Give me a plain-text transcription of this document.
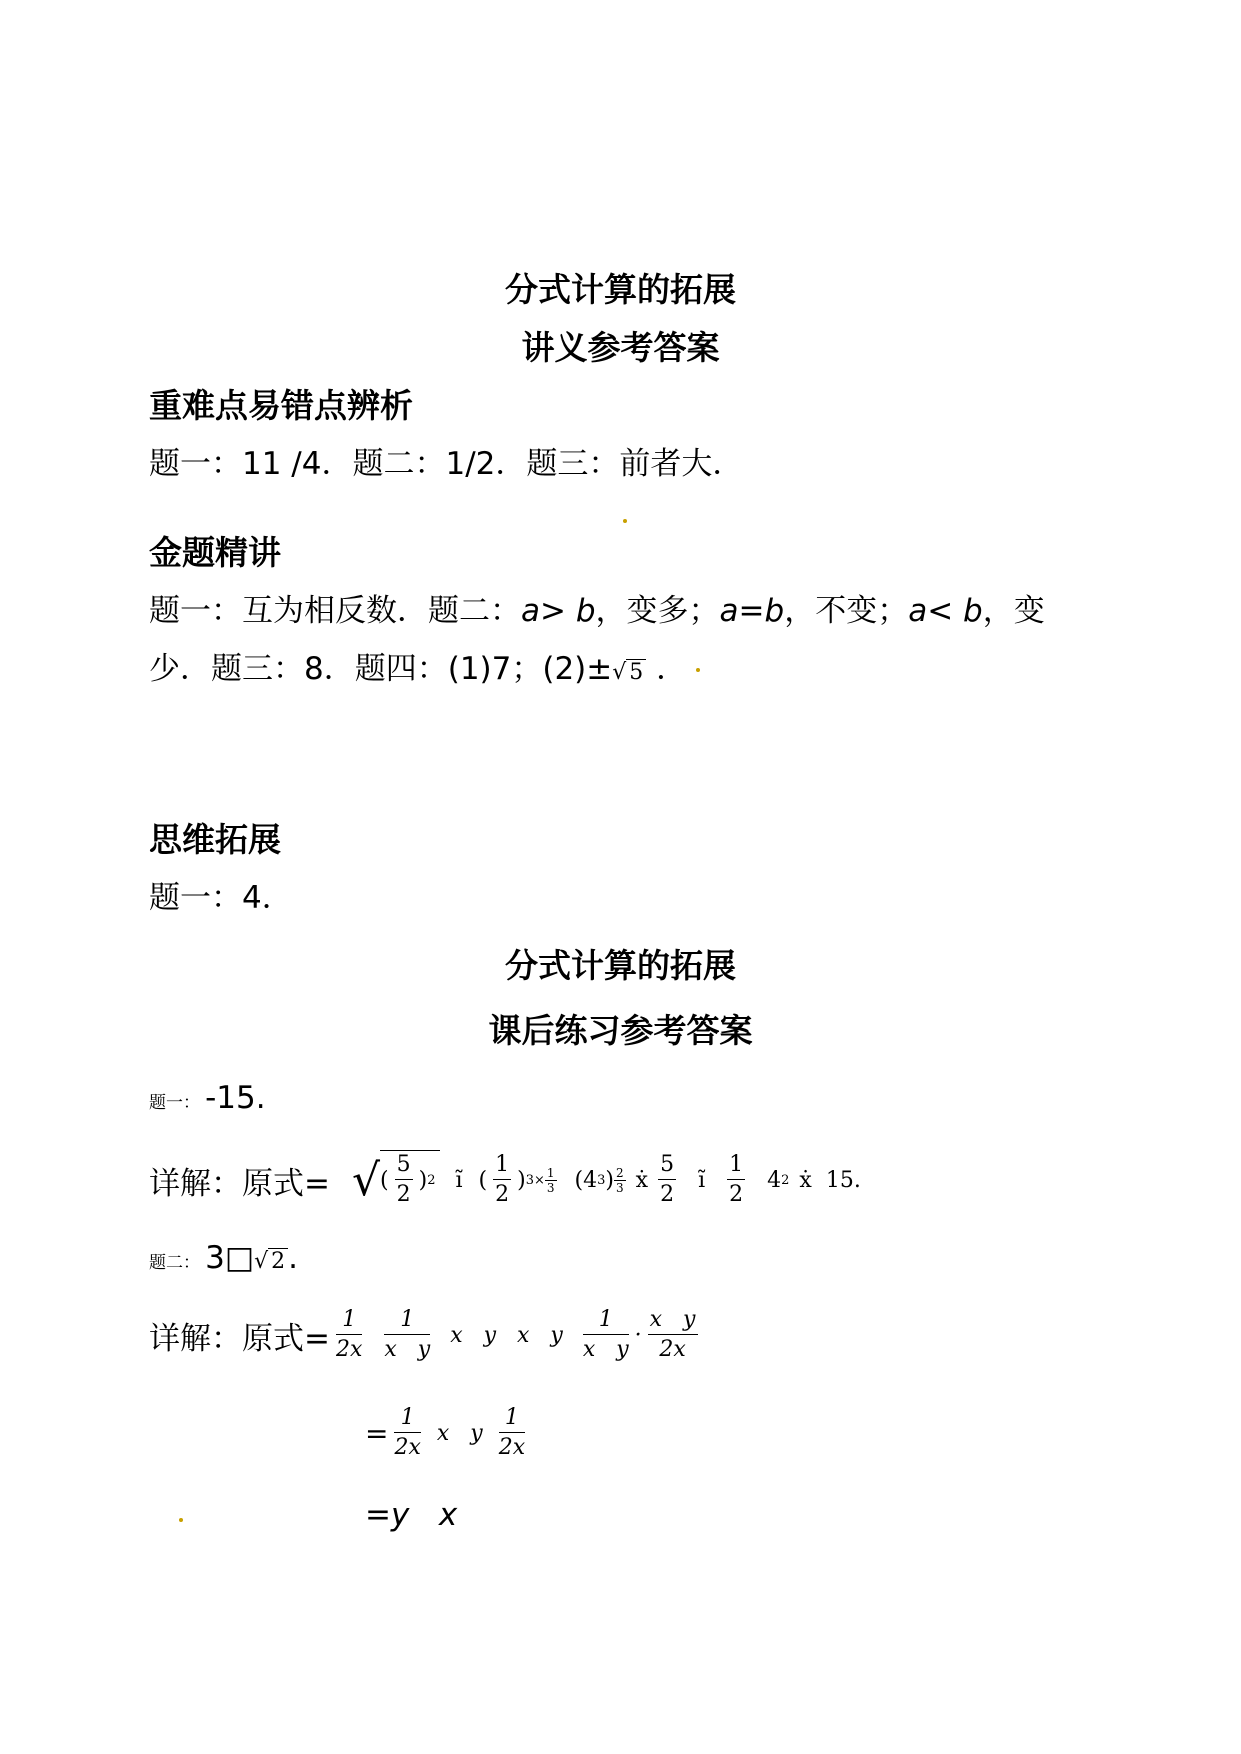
分式计算的拓展
讲义参考答案
重难点易错点辨析
题一：11 /4．题二：1/2．题三：前者大．
金题精讲
题一：互为相反数．题二：a> b，变多；a=b，不变；a< b，变
少．题三：8．题四：(1)7；(2)±√ 5 ．
思维拓展
题一：4．
分式计算的拓展
课后练习参考答案
题一： -15.
详解：原式= √ ( $\frac{5}{2}$ ) 2 ĩ ( $\frac{1}{2}$ ) $3\times \frac{1}{3} (4$ 3 ) $\frac{2}{3}$ ẋ $\frac{5}{2}$ ĩ $\frac{1}{2} 4$ 2 ẋ 15.
题二： 3□√ 2.
详解：原式= $\frac{1}{2x} \frac{1}{\text{x   y}}$ x   y   x   y $\frac{1}{\text{x   y}} \cdot \frac{\text{x   y}}{2x}$
= $\frac{1}{2x}$ x   y $\frac{1}{2x}$
=y   x
